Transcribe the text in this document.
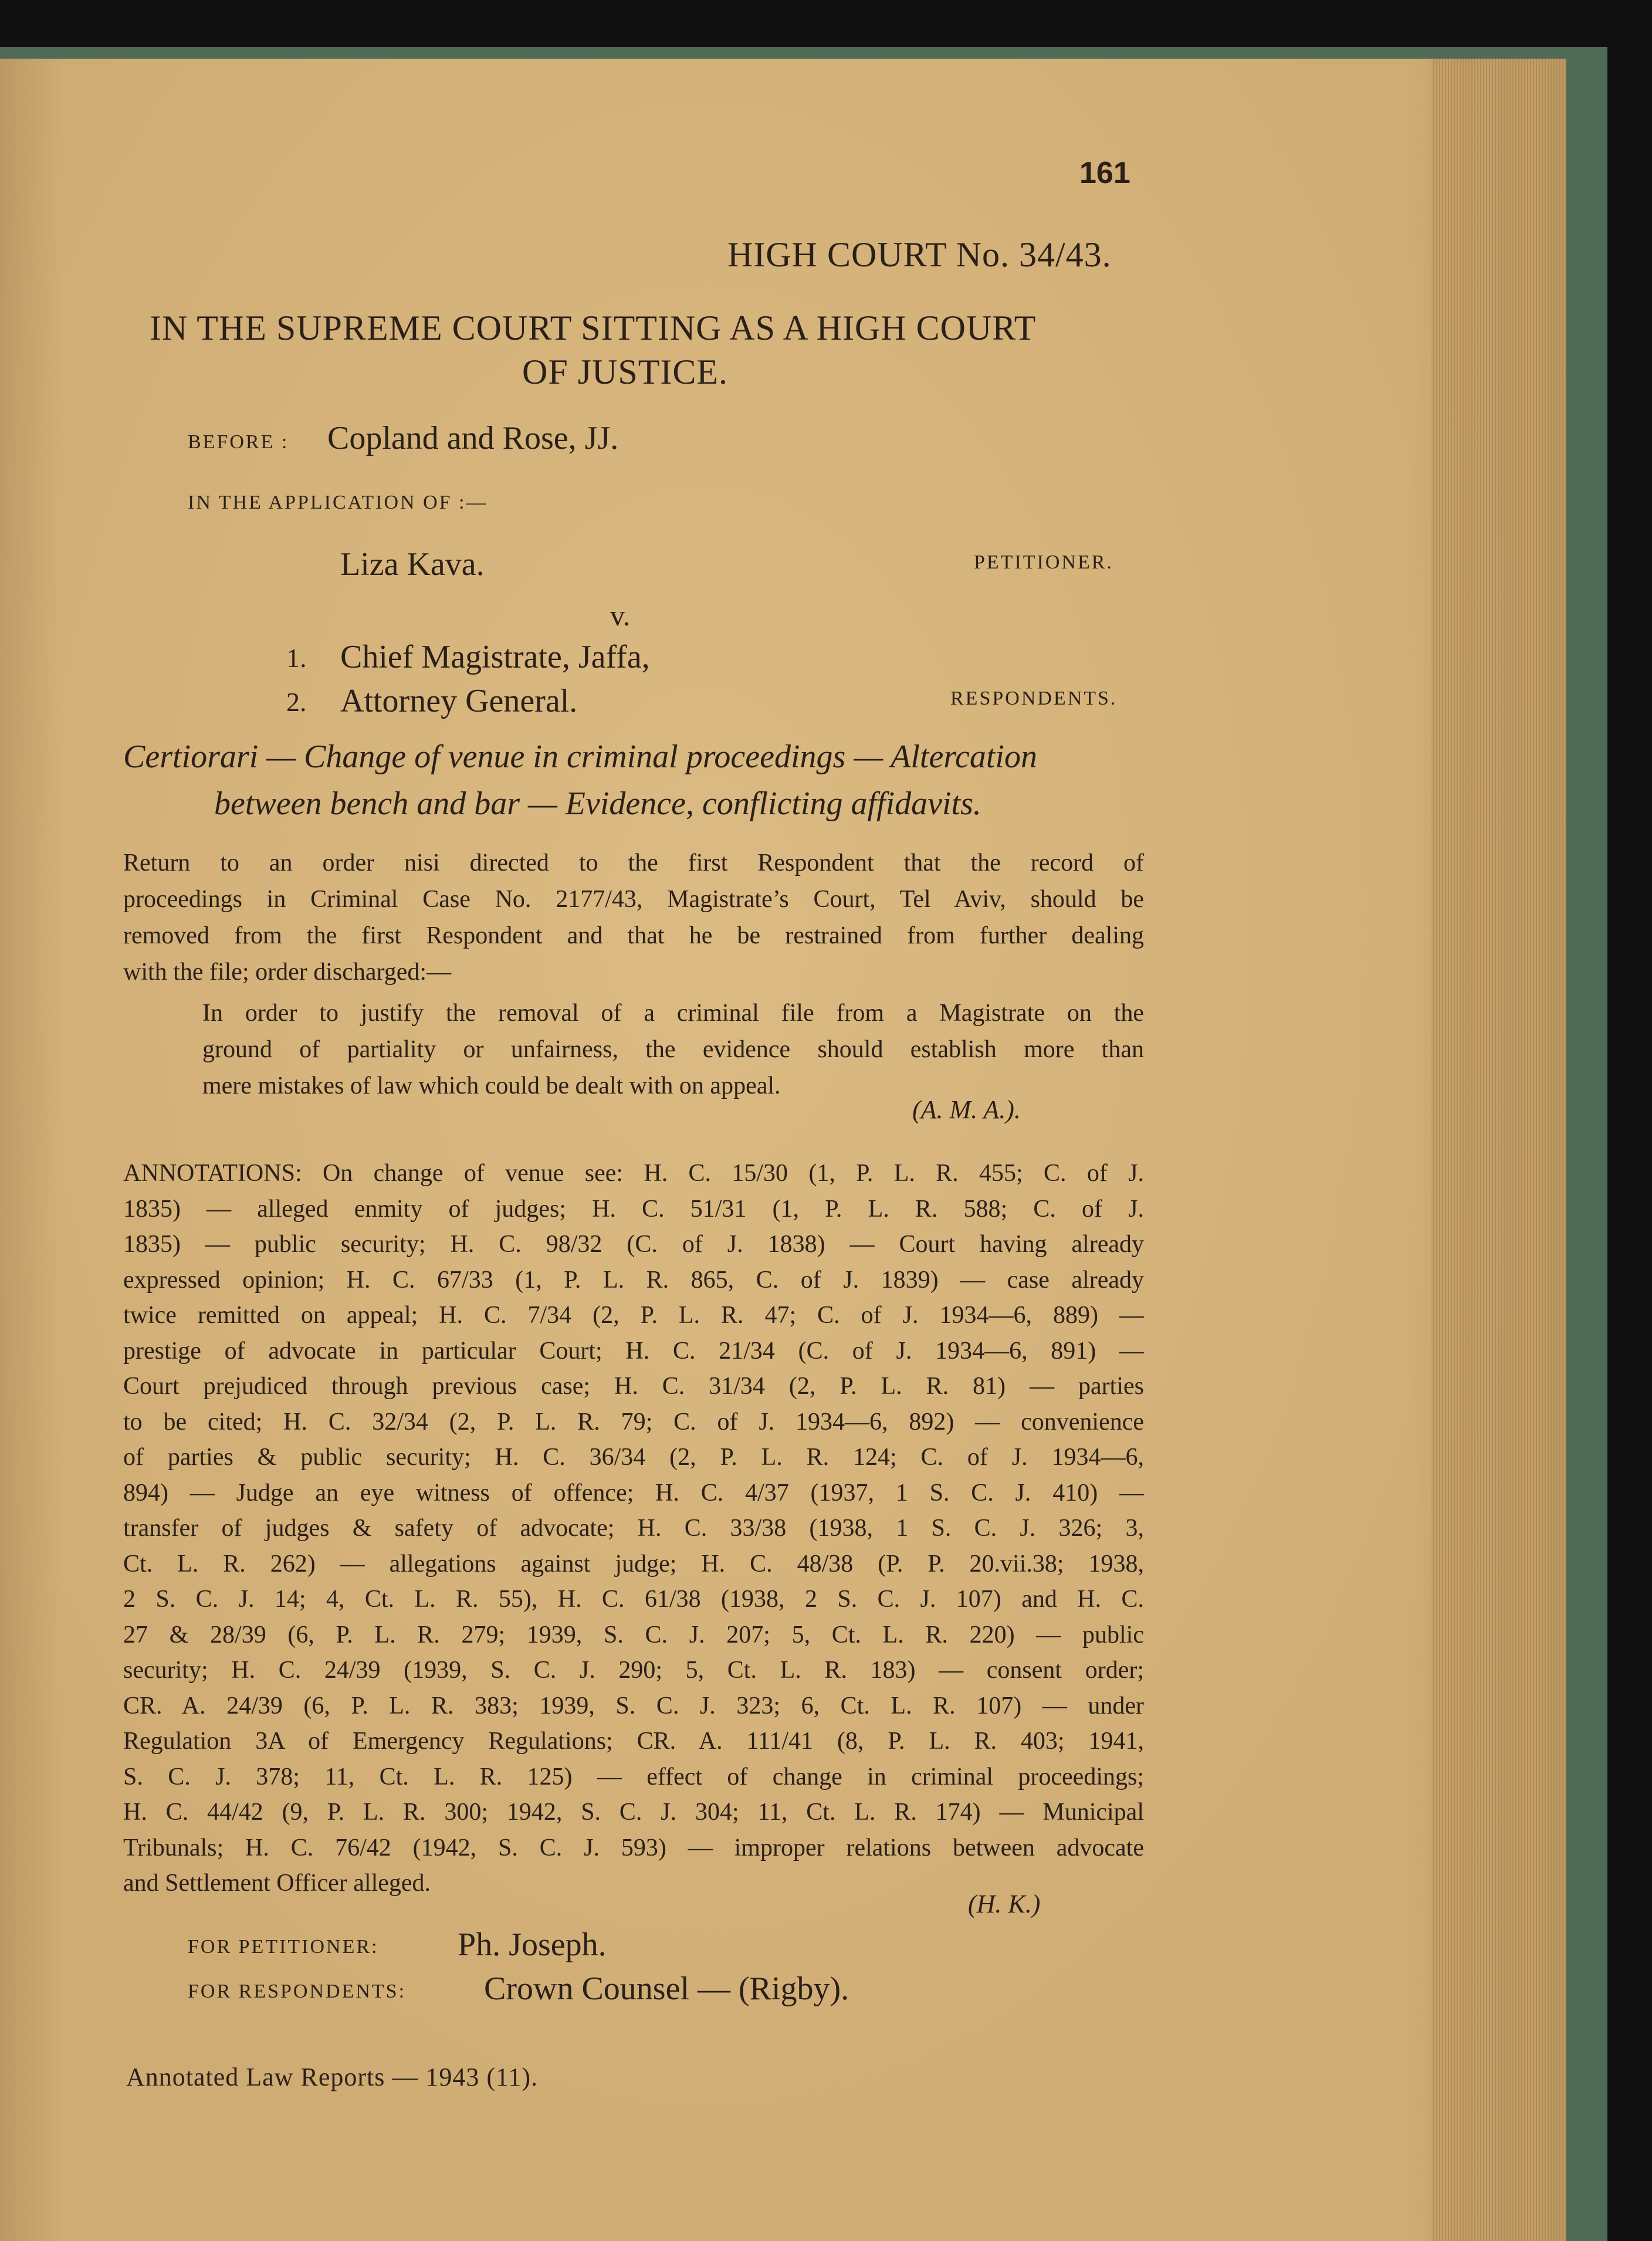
161
HIGH COURT No. 34/43.
IN THE SUPREME COURT SITTING AS A HIGH COURT
OF JUSTICE.
BEFORE : Copland and Rose, JJ.
IN THE APPLICATION OF :—
Liza Kava.	PETITIONER.
v.
1. Chief Magistrate, Jaffa,
2. Attorney General.	RESPONDENTS.
Certiorari — Change of venue in criminal proceedings — Altercation
between bench and bar — Evidence, conflicting affidavits.
Return to an order nisi directed to the first Respondent that the record of
proceedings in Criminal Case No. 2177/43, Magistrate’s Court, Tel Aviv, should be
removed from the first Respondent and that he be restrained from further dealing
with the file; order discharged:—
In order to justify the removal of a criminal file from a Magistrate on the
ground of partiality or unfairness, the evidence should establish more than
mere mistakes of law which could be dealt with on appeal.
(A. M. A.).
ANNOTATIONS: On change of venue see: H. C. 15/30 (1, P. L. R. 455; C. of J.
1835) — alleged enmity of judges; H. C. 51/31 (1, P. L. R. 588; C. of J.
1835) — public security; H. C. 98/32 (C. of J. 1838) — Court having already
expressed opinion; H. C. 67/33 (1, P. L. R. 865, C. of J. 1839) — case already
twice remitted on appeal; H. C. 7/34 (2, P. L. R. 47; C. of J. 1934—6, 889) —
prestige of advocate in particular Court; H. C. 21/34 (C. of J. 1934—6, 891) —
Court prejudiced through previous case; H. C. 31/34 (2, P. L. R. 81) — parties
to be cited; H. C. 32/34 (2, P. L. R. 79; C. of J. 1934—6, 892) — convenience
of parties & public security; H. C. 36/34 (2, P. L. R. 124; C. of J. 1934—6,
894) — Judge an eye witness of offence; H. C. 4/37 (1937, 1 S. C. J. 410) —
transfer of judges & safety of advocate; H. C. 33/38 (1938, 1 S. C. J. 326; 3,
Ct. L. R. 262) — allegations against judge; H. C. 48/38 (P. P. 20.vii.38; 1938,
2 S. C. J. 14; 4, Ct. L. R. 55), H. C. 61/38 (1938, 2 S. C. J. 107) and H. C.
27 & 28/39 (6, P. L. R. 279; 1939, S. C. J. 207; 5, Ct. L. R. 220) — public
security; H. C. 24/39 (1939, S. C. J. 290; 5, Ct. L. R. 183) — consent order;
CR. A. 24/39 (6, P. L. R. 383; 1939, S. C. J. 323; 6, Ct. L. R. 107) — under
Regulation 3A of Emergency Regulations; CR. A. 111/41 (8, P. L. R. 403; 1941,
S. C. J. 378; 11, Ct. L. R. 125) — effect of change in criminal proceedings;
H. C. 44/42 (9, P. L. R. 300; 1942, S. C. J. 304; 11, Ct. L. R. 174) — Municipal
Tribunals; H. C. 76/42 (1942, S. C. J. 593) — improper relations between advocate
and Settlement Officer alleged.
(H. K.)
FOR PETITIONER: Ph. Joseph.
FOR RESPONDENTS: Crown Counsel — (Rigby).
Annotated Law Reports — 1943 (11).
